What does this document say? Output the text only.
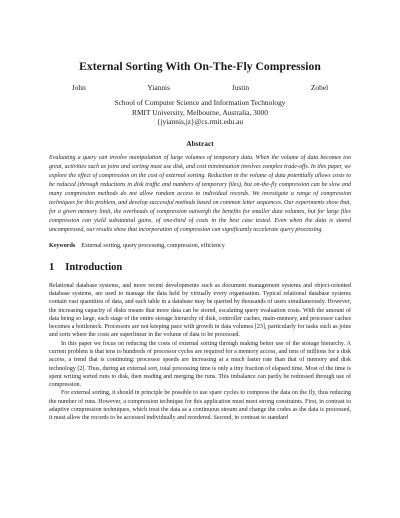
External Sorting With On-The-Fly Compression
John Yiannis	Justin Zobel
School of Computer Science and Information Technology
RMIT University, Melbourne, Australia, 3000
{jyiannis,jz}@cs.rmit.edu.au
Abstract

Evaluating a query can involve manipulation of large volumes of temporary data. When the volume of data becomes too great, activities such as joins and sorting must use disk, and cost minimisation involves complex trade-offs. In this paper, we explore the effect of compression on the cost of external sorting. Reduction in the volume of data potentially allows costs to be reduced (through reductions in disk traffic and numbers of temporary files), but on-the-fly compression can be slow and many compression methods do not allow random access to individual records. We investigate a range of compression techniques for this problem, and develop successful methods based on common letter sequences. Our experiments show that, for a given memory limit, the overheads of compression outweigh the benefits for smaller data volumes, but for large files compression can yield substantial gains, of one-third of costs in the best case tested. Even when the data is stored uncompressed, our results show that incorporation of compression can significantly accelerate query processing.

Keywords External sorting, query processing, compression, efficiency
1 Introduction

Relational database systems, and more recent developments such as document management systems and object-oriented database systems, are used to manage the data held by virtually every organisation. Typical relational database systems contain vast quantities of data, and each table in a database may be queried by thousands of users simultaneously. However, the increasing capacity of disks means that more data can be stored, escalating query evaluation costs. With the amount of data being so large, each stage of the entire storage hierarchy of disk, controller caches, main-memory, and processor caches becomes a bottleneck. Processors are not keeping pace with growth in data volumes [23], particularly for tasks such as joins and sorts where the costs are superlinear in the volume of data to be processed.

In this paper we focus on reducing the costs of external sorting through making better use of the storage hierarchy. A current problem is that tens to hundreds of processor cycles are required for a memory access, and tens of millions for a disk access, a trend that is continuing: processor speeds are increasing at a much faster rate than that of memory and disk technology [2]. Thus, during an external sort, total processing time is only a tiny fraction of elapsed time. Most of the time is spent writing sorted runs to disk, then reading and merging the runs. This imbalance can partly be redressed through use of compression.

For external sorting, it should in principle be possible to use spare cycles to compress the data on the fly, thus reducing the number of runs. However, a compression technique for this application must meet strong constraints. First, in contrast to adaptive compression techniques, which treat the data as a continuous stream and change the codes as the data is processed, it must allow the records to be accessed individually and reordered. Second, in contrast to standard
